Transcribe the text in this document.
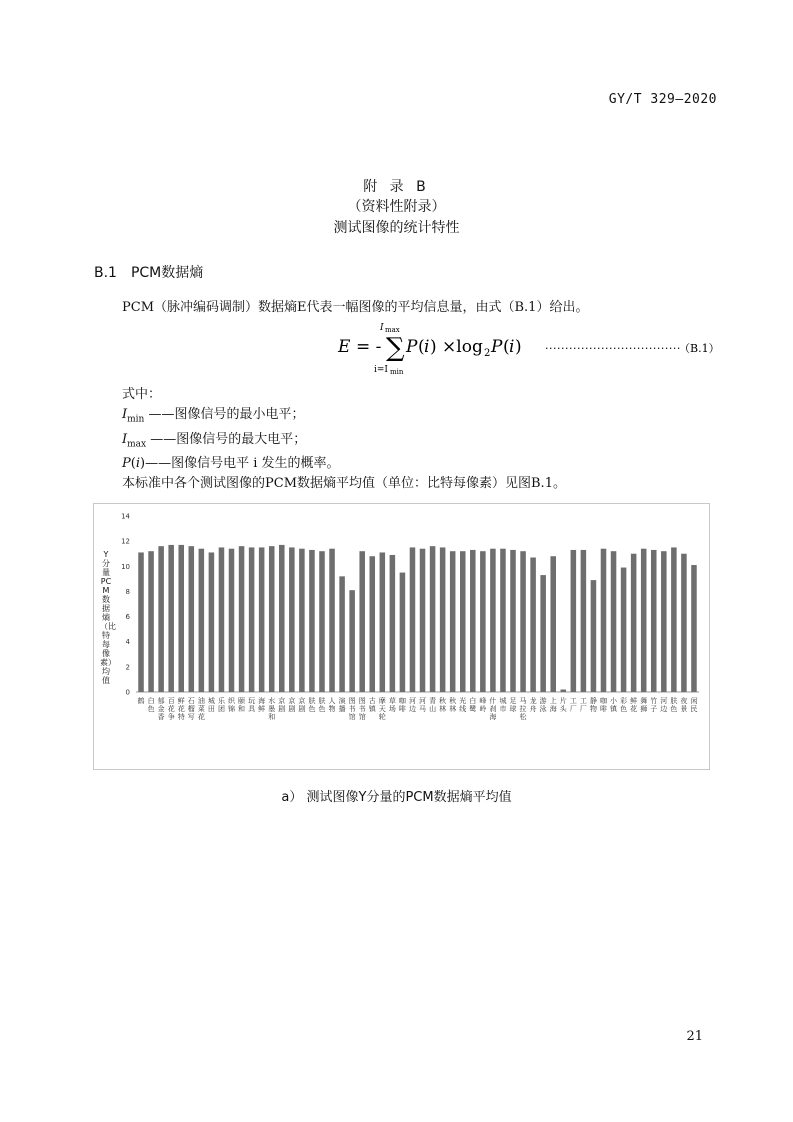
GY/T 329—2020
附 录 B
（资料性附录）
测试图像的统计特性
B.1 PCM数据熵
PCM（脉冲编码调制）数据熵E代表一幅图像的平均信息量，由式（B.1）给出。
E = - ∑
I max
i=I min
P ( i ) ×log 2 P ( i ) ··································
（B.1）
式中：
$I_{min}$ ——图像信号的最小电平；
$I_{max}$ ——图像信号的最大电平；
P(i)——图像信号电平 i 发生的概率。
本标准中各个测试图像的PCM数据熵平均值（单位：比特每像素）见图B.1。
Y分量PCM数据熵（比特每像素）均值
0
2
4
6
8
10
12
14
鹤 白色
郁金香
百花争
鲜花特
石榴写
油菜花
城田
乐团
织锦
颐和
玩具
海鲜
水墨和
京剧
京剧
京剧
肤色
肤色
人物
演播
图书馆
图书馆
古镇
摩天轮
草场
咖啡
河边
河马
青山
秋林
秋林
光线
白鹭
峰岭
什刹海
城市
足球
马拉松
龙舟
游泳
上海
片头
工厂
工厂
静物
咖啡
小镇
彩色
鲜花
舞狮
竹子
河边
肤色
夜景
闲民
a） 测试图像Y分量的PCM数据熵平均值
21
